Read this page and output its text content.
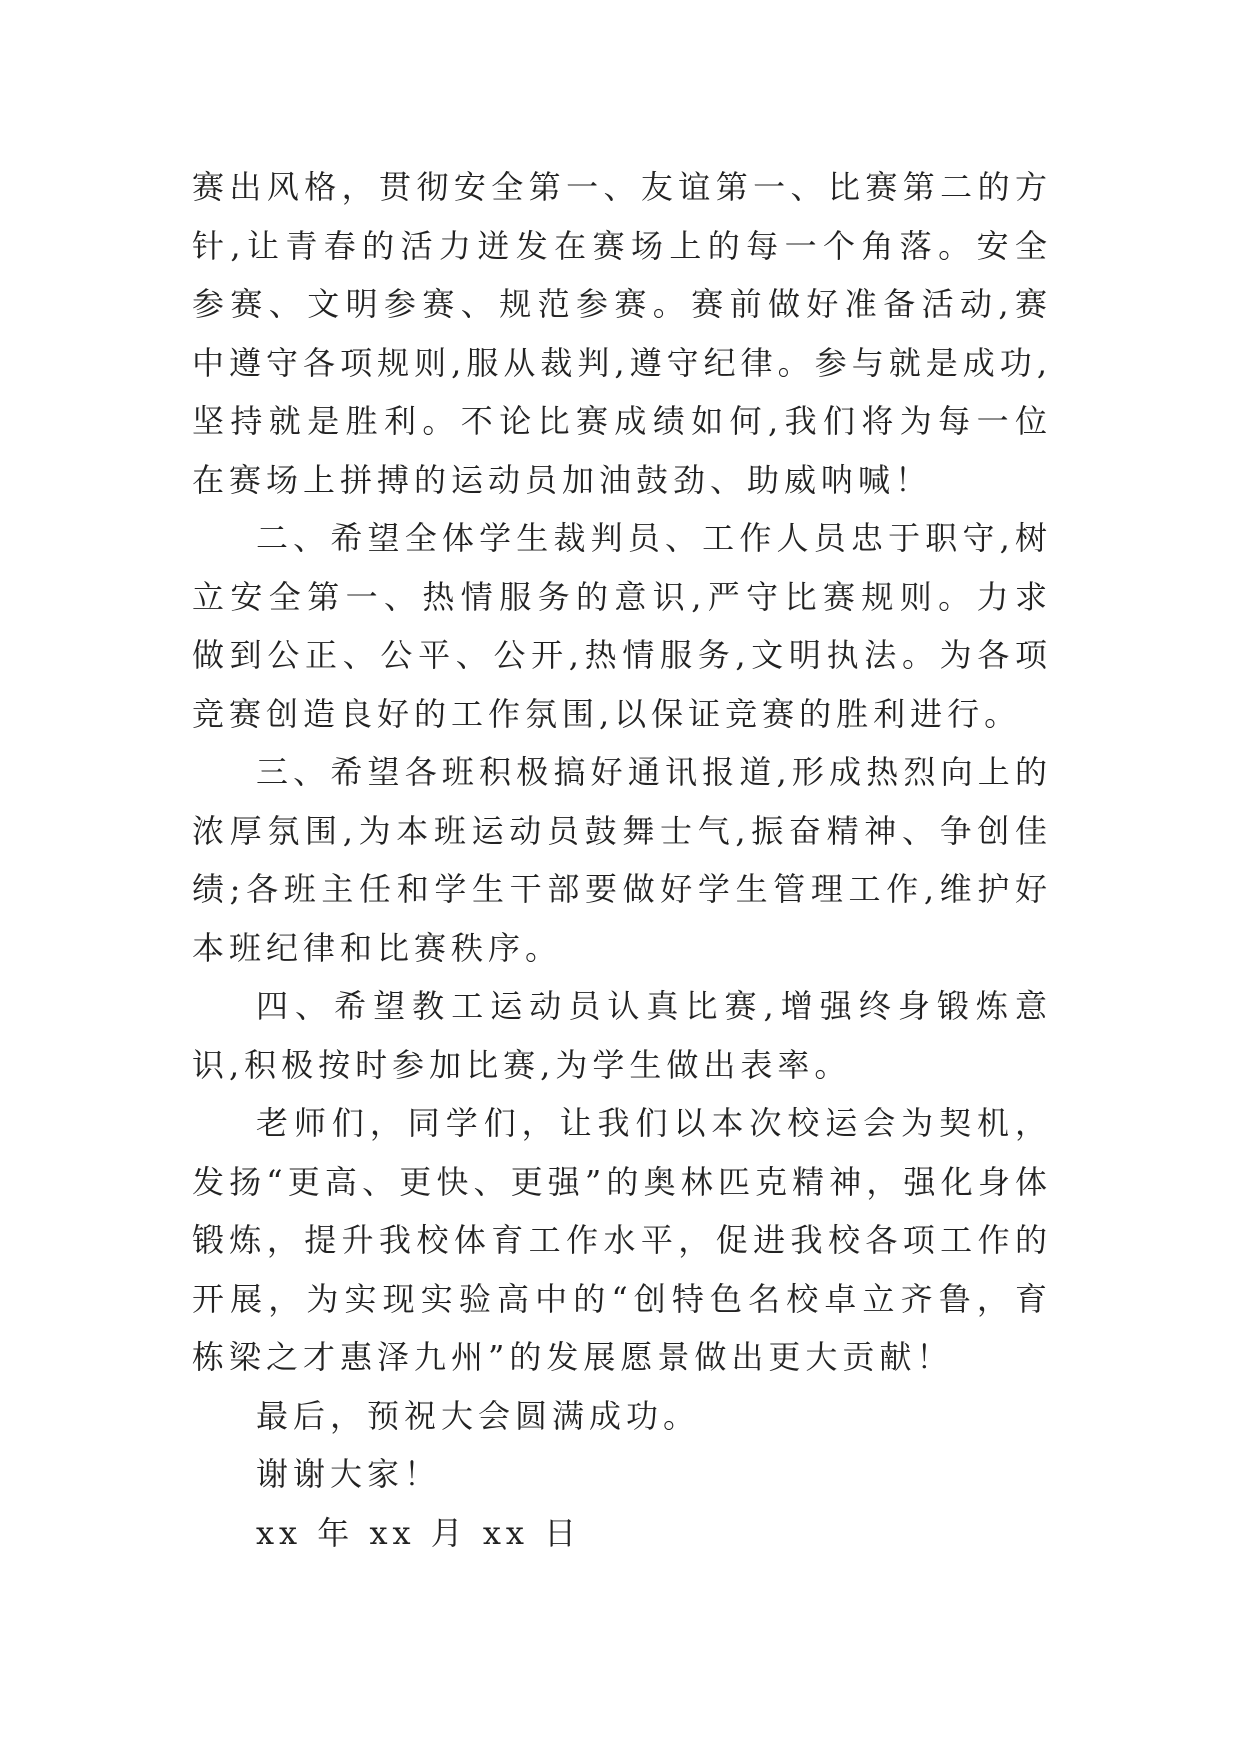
赛出风格，贯彻安全第一、友谊第一、比赛第二的方针,让青春的活力迸发在赛场上的每一个角落。安全参赛、文明参赛、规范参赛。赛前做好准备活动,赛中遵守各项规则,服从裁判,遵守纪律。参与就是成功,坚持就是胜利。不论比赛成绩如何,我们将为每一位在赛场上拼搏的运动员加油鼓劲、助威呐喊！

二、希望全体学生裁判员、工作人员忠于职守,树立安全第一、热情服务的意识,严守比赛规则。力求做到公正、公平、公开,热情服务,文明执法。为各项竞赛创造良好的工作氛围,以保证竞赛的胜利进行。

三、希望各班积极搞好通讯报道,形成热烈向上的浓厚氛围,为本班运动员鼓舞士气,振奋精神、争创佳绩;各班主任和学生干部要做好学生管理工作,维护好本班纪律和比赛秩序。

四、希望教工运动员认真比赛,增强终身锻炼意识,积极按时参加比赛,为学生做出表率。

老师们，同学们，让我们以本次校运会为契机，发扬“更高、更快、更强”的奥林匹克精神，强化身体锻炼，提升我校体育工作水平，促进我校各项工作的开展，为实现实验高中的“创特色名校卓立齐鲁，育栋梁之才惠泽九州”的发展愿景做出更大贡献！

最后，预祝大会圆满成功。

谢谢大家！

xx 年 xx 月 xx 日
